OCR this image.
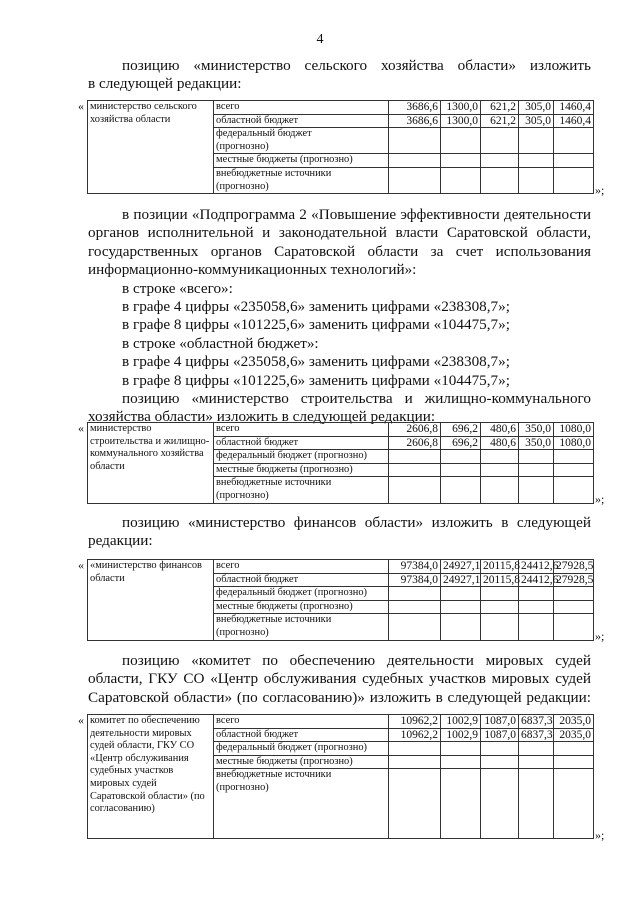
4
позицию «министерство сельского хозяйства области» изложить
в следующей редакции:
в позиции «Подпрограмма 2 «Повышение эффективности деятельности
органов исполнительной и законодательной власти Саратовской области,
государственных органов Саратовской области за счет использования
информационно-коммуникационных технологий»:
в строке «всего»:
в графе 4 цифры «235058,6» заменить цифрами «238308,7»;
в графе 8 цифры «101225,6» заменить цифрами «104475,7»;
в строке «областной бюджет»:
в графе 4 цифры «235058,6» заменить цифрами «238308,7»;
в графе 8 цифры «101225,6» заменить цифрами «104475,7»;
позицию «министерство строительства и жилищно-коммунального
хозяйства области» изложить в следующей редакции:
позицию «министерство финансов области» изложить в следующей
редакции:
позицию «комитет по обеспечению деятельности мировых судей
области, ГКУ СО «Центр обслуживания судебных участков мировых судей
Саратовской области» (по согласованию)» изложить в следующей редакции:
министерство сельского хозяйства области	всего	3686,6	1300,0	621,2	305,0	1460,4
	областной бюджет	3686,6	1300,0	621,2	305,0	1460,4
	федеральный бюджет
(прогнозно)					
	местные бюджеты (прогнозно)					
	внебюджетные источники
(прогнозно)					
«
»;
министерство строительства и жилищно-коммунального хозяйства области	всего	2606,8	696,2	480,6	350,0	1080,0
	областной бюджет	2606,8	696,2	480,6	350,0	1080,0
	федеральный бюджет (прогнозно)					
	местные бюджеты (прогнозно)					
	внебюджетные источники
(прогнозно)					
«
»;
«министерство финансов области	всего	97384,0	24927,1	20115,8	24412,6	27928,5
	областной бюджет	97384,0	24927,1	20115,8	24412,6	27928,5
	федеральный бюджет (прогнозно)					
	местные бюджеты (прогнозно)					
	внебюджетные источники
(прогнозно)					
«
»;
комитет по обеспечению деятельности мировых судей области, ГКУ СО «Центр обслуживания судебных участков мировых судей Саратовской области» (по согласованию)	всего	10962,2	1002,9	1087,0	6837,3	2035,0
	областной бюджет	10962,2	1002,9	1087,0	6837,3	2035,0
	федеральный бюджет (прогнозно)					
	местные бюджеты (прогнозно)					
	внебюджетные источники
(прогнозно)					
«
»;
